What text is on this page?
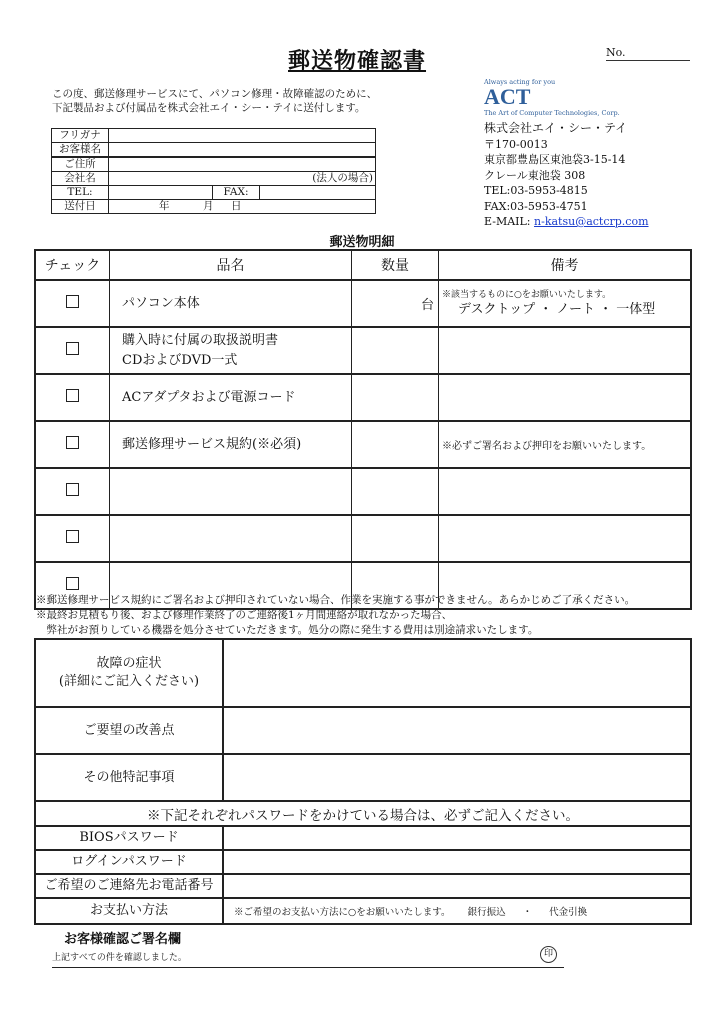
郵送物確認書	No.
この度、郵送修理サービスにて、パソコン修理・故障確認のために、
下記製品および付属品を株式会社エイ・シー・テイに送付します。
フリガナ			
お客様名			
ご住所			
会社名	(法人の場合)		
TEL:		FAX:	
送付日	年 月 日		
Always acting for you
ACT
The Art of Computer Technologies, Corp.
株式会社エイ・シー・テイ
〒170-0013
東京都豊島区東池袋3-15-14
クレール東池袋 308
TEL:03-5953-4815
FAX:03-5953-4751
E-MAIL: n-katsu@actcrp.com
郵送物明細
チェック	品名	数量	備考
	パソコン本体	台	※該当するものに○をお願いいたします。
デスクトップ ・ ノート ・ 一体型

	購入時に付属の取扱説明書
CDおよびDVD一式		

	ACアダプタおよび電源コード		
	郵送修理サービス規約(※必須)		※必ずご署名および押印をお願いいたします。

※郵送修理サービス規約にご署名および押印されていない場合、作業を実施する事ができません。あらかじめご了承ください。
※最終お見積もり後、および修理作業終了のご連絡後1ヶ月間連絡が取れなかった場合、
　弊社がお預りしている機器を処分させていただきます。処分の際に発生する費用は別途請求いたします。
故障の症状
(詳細にご記入ください)	

ご要望の改善点	
その他特記事項	
※下記それぞれパスワードをかけている場合は、必ずご記入ください。	
BIOSパスワード	
ログインパスワード	
ご希望のご連絡先お電話番号	
お支払い方法	※ご希望のお支払い方法に○をお願いいたします。 銀行振込 ・ 代金引換
お客様確認ご署名欄
上記すべての件を確認しました。	印
